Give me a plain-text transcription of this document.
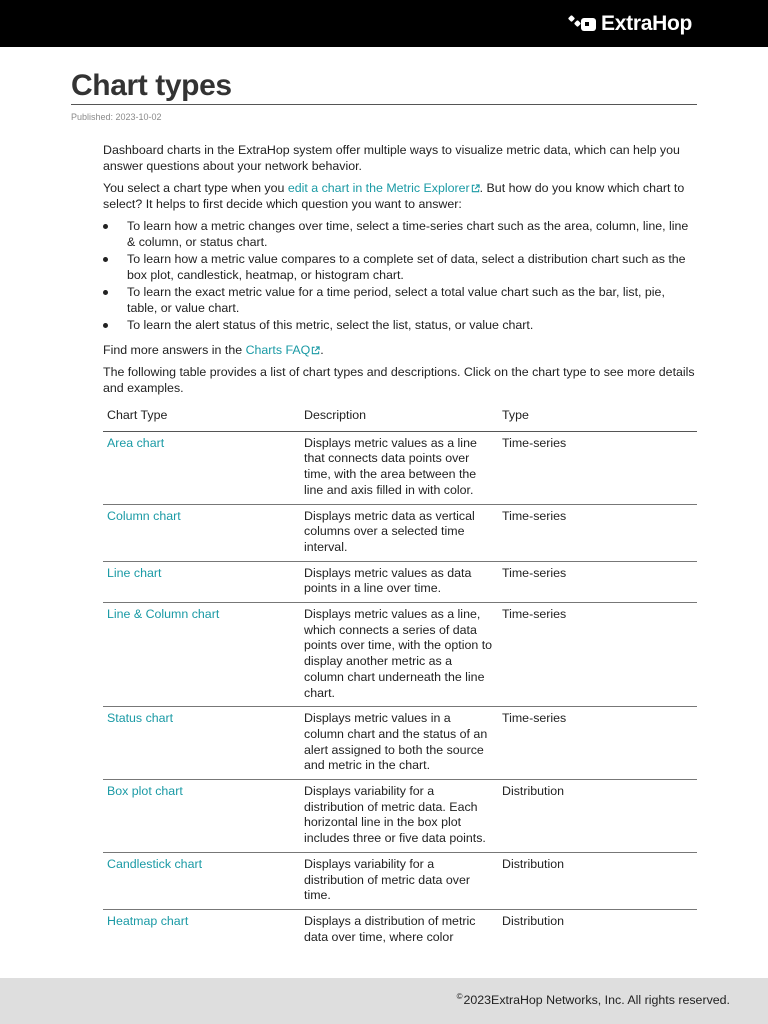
ExtraHop
Chart types
Published: 2023-10-02

Dashboard charts in the ExtraHop system offer multiple ways to visualize metric data, which can help you answer questions about your network behavior.

You select a chart type when you edit a chart in the Metric Explorer . But how do you know which chart to select? It helps to first decide which question you want to answer:

To learn how a metric changes over time, select a time-series chart such as the area, column, line, line & column, or status chart.
To learn how a metric value compares to a complete set of data, select a distribution chart such as the box plot, candlestick, heatmap, or histogram chart.
To learn the exact metric value for a time period, select a total value chart such as the bar, list, pie, table, or value chart.
To learn the alert status of this metric, select the list, status, or value chart.

Find more answers in the Charts FAQ .

The following table provides a list of chart types and descriptions. Click on the chart type to see more details and examples.

Chart Type	Description	Type
Area chart	Displays metric values as a line that connects data points over time, with the area between the line and axis filled in with color.	Time-series
Column chart	Displays metric data as vertical columns over a selected time interval.	Time-series
Line chart	Displays metric values as data points in a line over time.	Time-series
Line & Column chart	Displays metric values as a line, which connects a series of data points over time, with the option to display another metric as a column chart underneath the line chart.	Time-series
Status chart	Displays metric values in a column chart and the status of an alert assigned to both the source and metric in the chart.	Time-series
Box plot chart	Displays variability for a distribution of metric data. Each horizontal line in the box plot includes three or five data points.	Distribution
Candlestick chart	Displays variability for a distribution of metric data over time.	Distribution
Heatmap chart	Displays a distribution of metric data over time, where color	Distribution
©2023ExtraHop Networks, Inc. All rights reserved.
